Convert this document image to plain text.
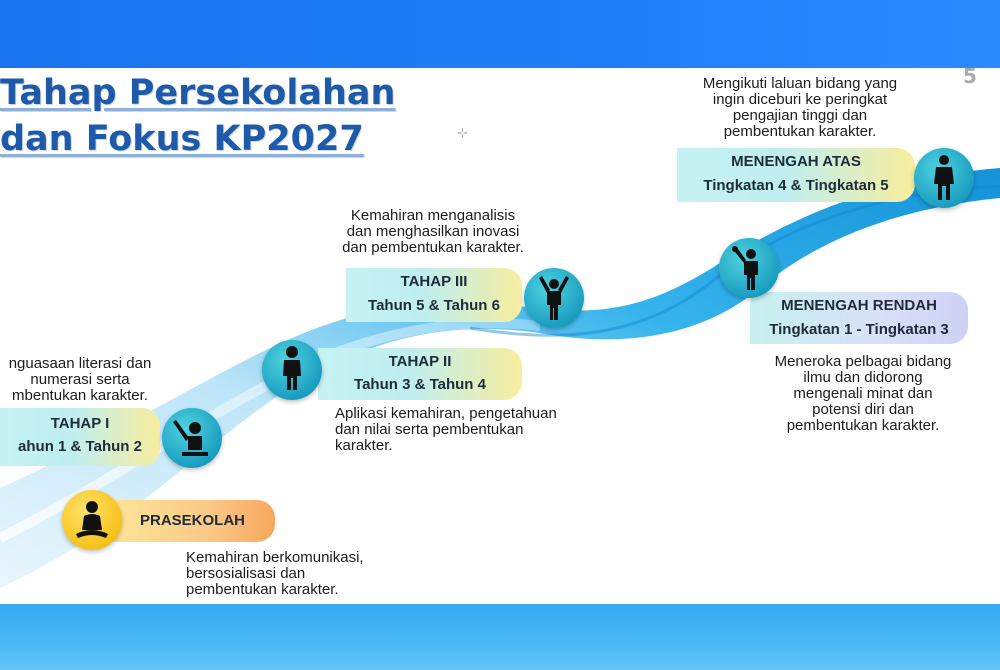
Tahap Persekolahan
dan Fokus KP2027
5
⊹
PRASEKOLAH
Kemahiran berkomunikasi,
bersosialisasi dan
pembentukan karakter.
TAHAP I
ahun 1 & Tahun 2
nguasaan literasi dan
numerasi serta
mbentukan karakter.
TAHAP II
Tahun 3 & Tahun 4
Aplikasi kemahiran, pengetahuan
dan nilai serta pembentukan
karakter.
TAHAP III
Tahun 5 & Tahun 6
Kemahiran menganalisis
dan menghasilkan inovasi
dan pembentukan karakter.
MENENGAH RENDAH
Tingkatan 1 - Tingkatan 3
Meneroka pelbagai bidang
ilmu dan didorong
mengenali minat dan
potensi diri dan
pembentukan karakter.
MENENGAH ATAS
Tingkatan 4 & Tingkatan 5
Mengikuti laluan bidang yang
ingin diceburi ke peringkat
pengajian tinggi dan
pembentukan karakter.
